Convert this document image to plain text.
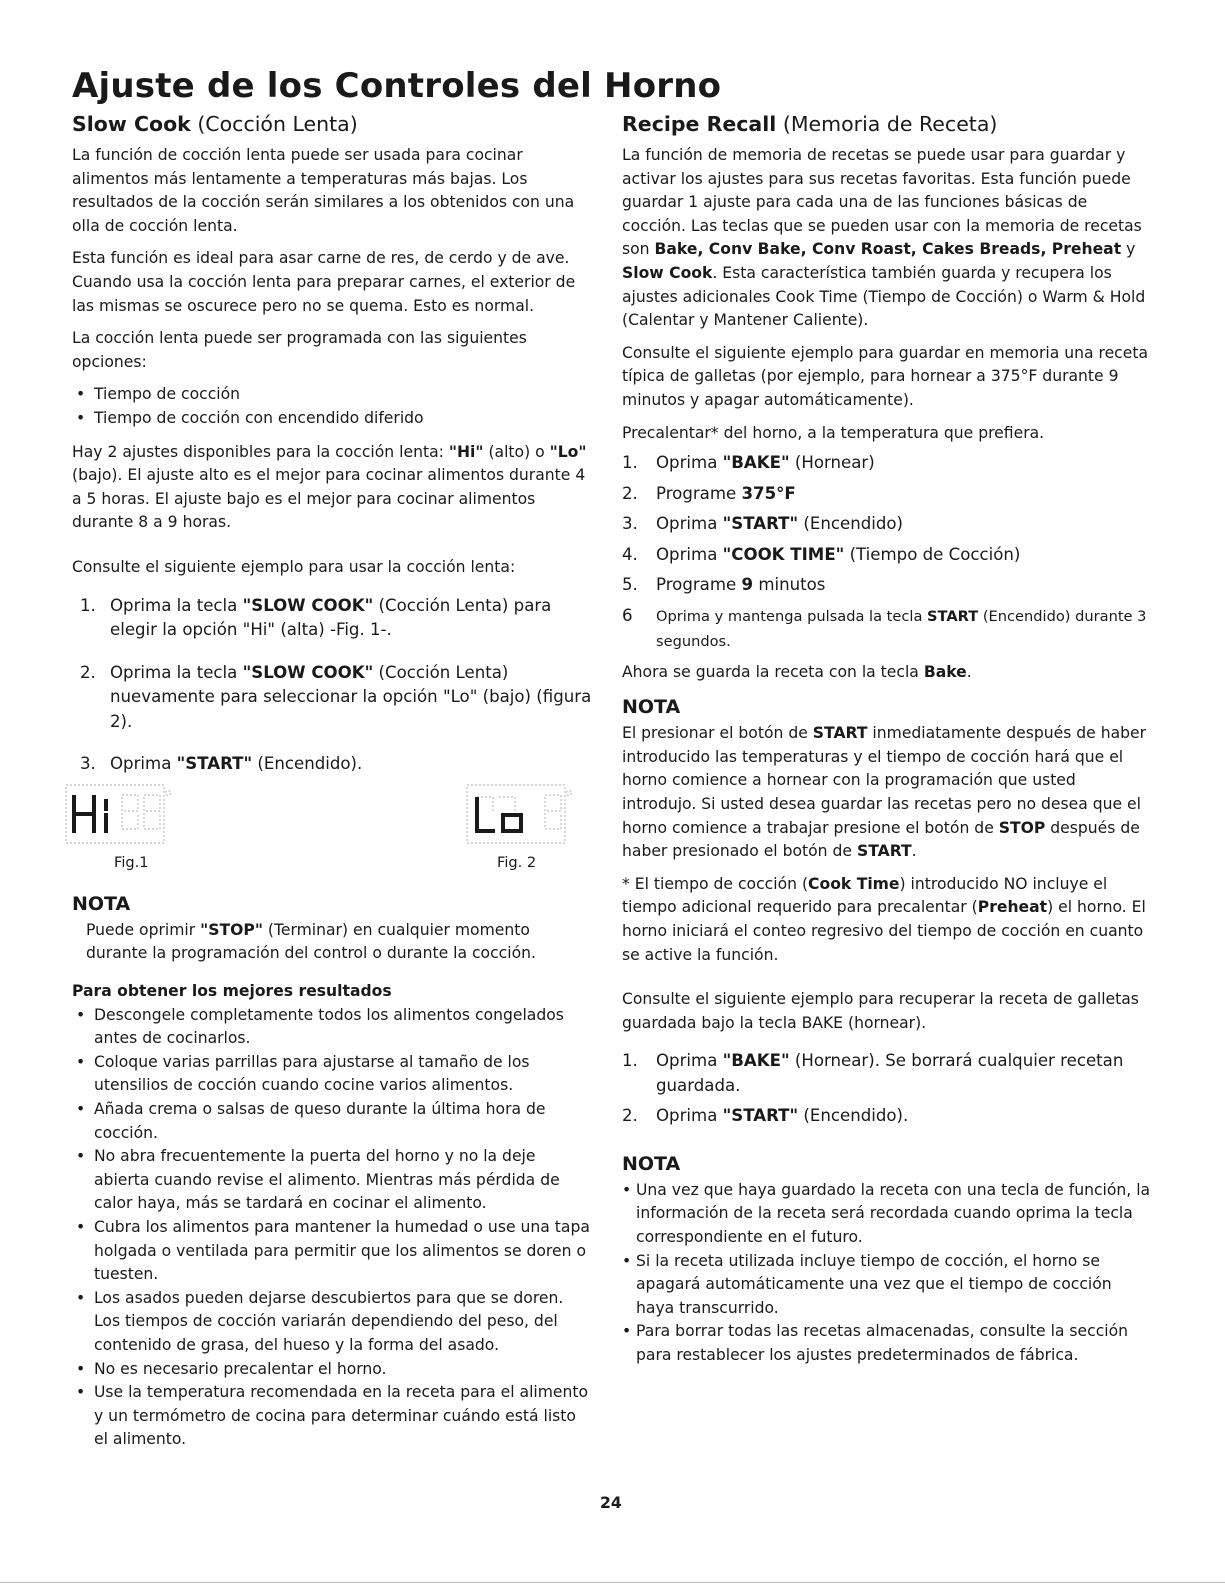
Ajuste de los Controles del Horno
Slow Cook (Cocción Lenta)

La función de cocción lenta puede ser usada para cocinar alimentos más lentamente a temperaturas más bajas. Los resultados de la cocción serán similares a los obtenidos con una olla de cocción lenta.

Esta función es ideal para asar carne de res, de cerdo y de ave. Cuando usa la cocción lenta para preparar carnes, el exterior de las mismas se oscurece pero no se quema. Esto es normal.

La cocción lenta puede ser programada con las siguientes opciones:

• Tiempo de cocción
• Tiempo de cocción con encendido diferido

Hay 2 ajustes disponibles para la cocción lenta: "Hi" (alto) o "Lo" (bajo). El ajuste alto es el mejor para cocinar alimentos durante 4 a 5 horas. El ajuste bajo es el mejor para cocinar alimentos durante 8 a 9 horas.

Consulte el siguiente ejemplo para usar la cocción lenta:

1. Oprima la tecla "SLOW COOK" (Cocción Lenta) para elegir la opción "Hi" (alta) -Fig. 1-.
2. Oprima la tecla "SLOW COOK" (Cocción Lenta) nuevamente para seleccionar la opción "Lo" (bajo) (figura 2).
3. Oprima "START" (Encendido).
Fig.1	Fig. 2
NOTA
Puede oprimir "STOP" (Terminar) en cualquier momento durante la programación del control o durante la cocción.
Para obtener los mejores resultados
• Descongele completamente todos los alimentos congelados antes de cocinarlos.
• Coloque varias parrillas para ajustarse al tamaño de los utensilios de cocción cuando cocine varios alimentos.
• Añada crema o salsas de queso durante la última hora de cocción.
• No abra frecuentemente la puerta del horno y no la deje abierta cuando revise el alimento. Mientras más pérdida de calor haya, más se tardará en cocinar el alimento.
• Cubra los alimentos para mantener la humedad o use una tapa holgada o ventilada para permitir que los alimentos se doren o tuesten.
• Los asados pueden dejarse descubiertos para que se doren. Los tiempos de cocción variarán dependiendo del peso, del contenido de grasa, del hueso y la forma del asado.
• No es necesario precalentar el horno.
• Use la temperatura recomendada en la receta para el alimento y un termómetro de cocina para determinar cuándo está listo el alimento.
Recipe Recall (Memoria de Receta)

La función de memoria de recetas se puede usar para guardar y activar los ajustes para sus recetas favoritas. Esta función puede guardar 1 ajuste para cada una de las funciones básicas de cocción. Las teclas que se pueden usar con la memoria de recetas son Bake, Conv Bake, Conv Roast, Cakes Breads, Preheat y Slow Cook. Esta característica también guarda y recupera los ajustes adicionales Cook Time (Tiempo de Cocción) o Warm & Hold (Calentar y Mantener Caliente).

Consulte el siguiente ejemplo para guardar en memoria una receta típica de galletas (por ejemplo, para hornear a 375°F durante 9 minutos y apagar automáticamente).

Precalentar* del horno, a la temperatura que prefiera.

1. Oprima "BAKE" (Hornear)
2. Programe 375°F
3. Oprima "START" (Encendido)
4. Oprima "COOK TIME" (Tiempo de Cocción)
5. Programe 9 minutos
6 Oprima y mantenga pulsada la tecla START (Encendido) durante 3 segundos.

Ahora se guarda la receta con la tecla Bake.

NOTA

El presionar el botón de START inmediatamente después de haber introducido las temperaturas y el tiempo de cocción hará que el horno comience a hornear con la programación que usted introdujo. Si usted desea guardar las recetas pero no desea que el horno comience a trabajar presione el botón de STOP después de haber presionado el botón de START.

* El tiempo de cocción (Cook Time) introducido NO incluye el tiempo adicional requerido para precalentar (Preheat) el horno. El horno iniciará el conteo regresivo del tiempo de cocción en cuanto se active la función.

Consulte el siguiente ejemplo para recuperar la receta de galletas guardada bajo la tecla BAKE (hornear).

1. Oprima "BAKE" (Hornear). Se borrará cualquier recetan guardada.
2. Oprima "START" (Encendido).
NOTA
• Una vez que haya guardado la receta con una tecla de función, la información de la receta será recordada cuando oprima la tecla correspondiente en el futuro.
• Si la receta utilizada incluye tiempo de cocción, el horno se apagará automáticamente una vez que el tiempo de cocción haya transcurrido.
• Para borrar todas las recetas almacenadas, consulte la sección para restablecer los ajustes predeterminados de fábrica.
24
